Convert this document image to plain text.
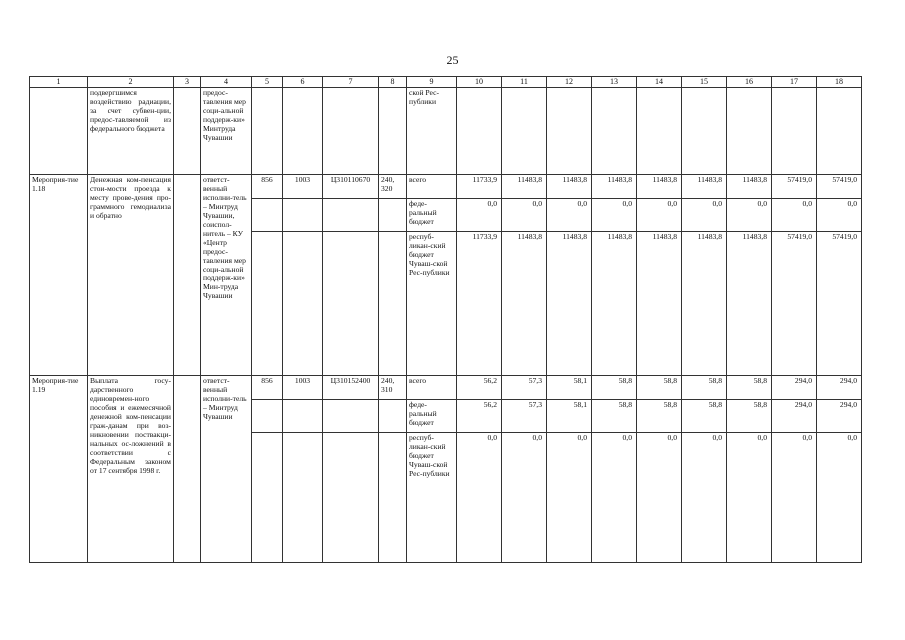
25
1	2	3	4	5	6	7	8	9	10	11	12	13	14	15	16	17	18
	подвергшимся воздействию радиации, за счет субвен-ции, предос-тавляемой из федерального бюджета		предос-тавления мер соци-альной поддерж-ки» Минтруда Чувашии					ской Рес-публики									
Мероприя-тие 1.18	Денежная ком-пенсация стои-мости проезда к месту прове-дения про-граммного гемодиализа и обратно		ответст-венный исполни-тель – Минтруд Чувашии, соиспол-нитель – КУ «Центр предос-тавления мер соци-альной поддерж-ки» Мин-труда Чувашии	856	1003	Ц310110670	240, 320	всего	11733,9	11483,8	11483,8	11483,8	11483,8	11483,8	11483,8	57419,0	57419,0
								феде-ральный бюджет	0,0	0,0	0,0	0,0	0,0	0,0	0,0	0,0	0,0
								респуб-ликан-ский бюджет Чуваш-ской Рес-публики	11733,9	11483,8	11483,8	11483,8	11483,8	11483,8	11483,8	57419,0	57419,0
Мероприя-тие 1.19	Выплата госу-дарственного единовремен-ного пособия и ежемесячной денежной ком-пенсации граж-данам при воз-никновении поствакци-нальных ос-ложнений в соответствии с Федеральным законом от 17 сентября 1998 г.		ответст-венный исполни-тель – Минтруд Чувашии	856	1003	Ц310152400	240, 310	всего	56,2	57,3	58,1	58,8	58,8	58,8	58,8	294,0	294,0
								феде-ральный бюджет	56,2	57,3	58,1	58,8	58,8	58,8	58,8	294,0	294,0
								респуб-ликан-ский бюджет Чуваш-ской Рес-публики	0,0	0,0	0,0	0,0	0,0	0,0	0,0	0,0	0,0
